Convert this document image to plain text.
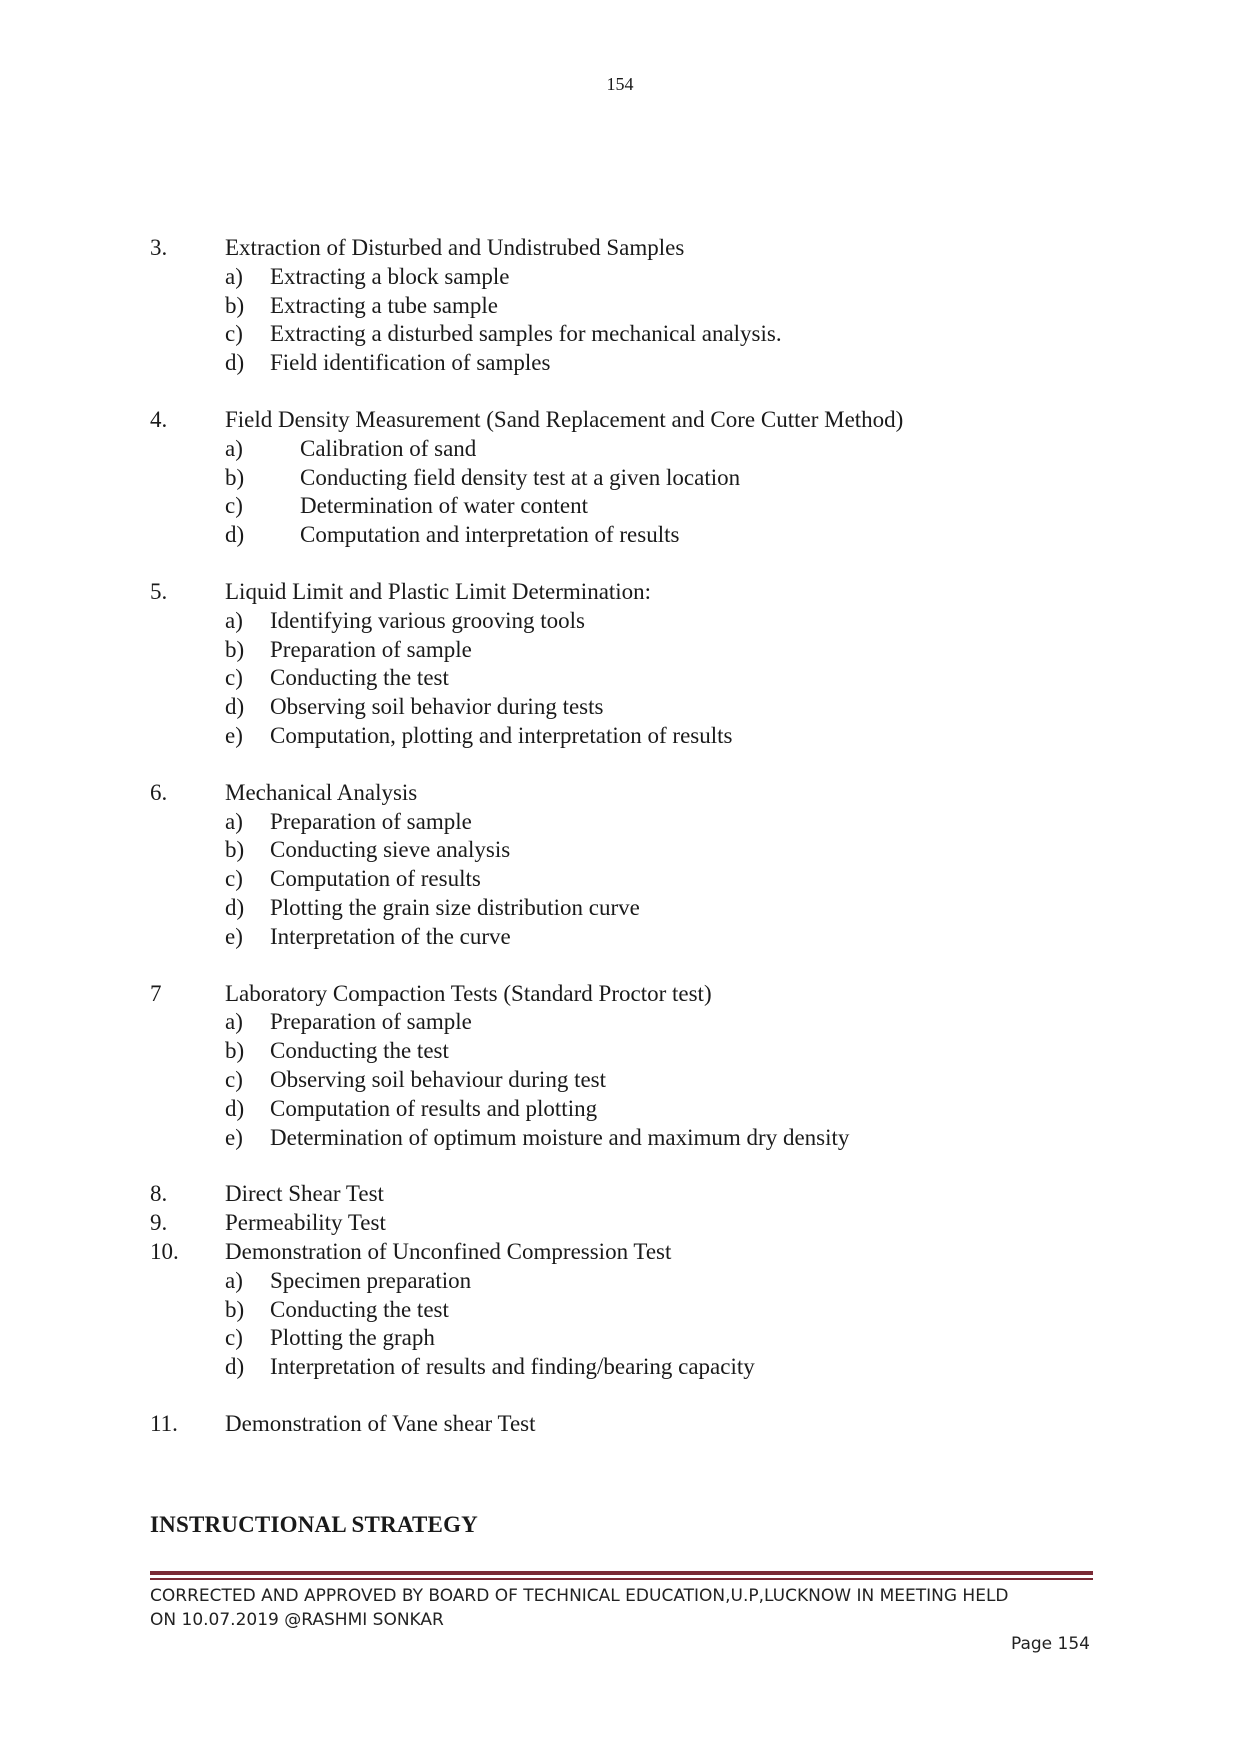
154
3.	Extraction of Disturbed and Undistrubed Samples
a)	Extracting a block sample
b)	Extracting a tube sample
c)	Extracting a disturbed samples for mechanical analysis.
d)	Field identification of samples
4.	Field Density Measurement (Sand Replacement and Core Cutter Method)
a)	Calibration of sand
b)	Conducting field density test at a given location
c)	Determination of water content
d)	Computation and interpretation of results
5.	Liquid Limit and Plastic Limit Determination:
a)	Identifying various grooving tools
b)	Preparation of sample
c)	Conducting the test
d)	Observing soil behavior during tests
e)	Computation, plotting and interpretation of results
6.	Mechanical Analysis
a)	Preparation of sample
b)	Conducting sieve analysis
c)	Computation of results
d)	Plotting the grain size distribution curve
e)	Interpretation of the curve
7	Laboratory Compaction Tests (Standard Proctor test)
a)	Preparation of sample
b)	Conducting the test
c)	Observing soil behaviour during test
d)	Computation of results and plotting
e)	Determination of optimum moisture and maximum dry density
8.	Direct Shear Test
9.	Permeability Test
10.	Demonstration of Unconfined Compression Test
a)	Specimen preparation
b)	Conducting the test
c)	Plotting the graph
d)	Interpretation of results and finding/bearing capacity
11.	Demonstration of Vane shear Test
INSTRUCTIONAL STRATEGY
CORRECTED AND APPROVED BY BOARD OF TECHNICAL EDUCATION,U.P,LUCKNOW IN MEETING HELD
ON 10.07.2019 @RASHMI SONKAR
Page 154
